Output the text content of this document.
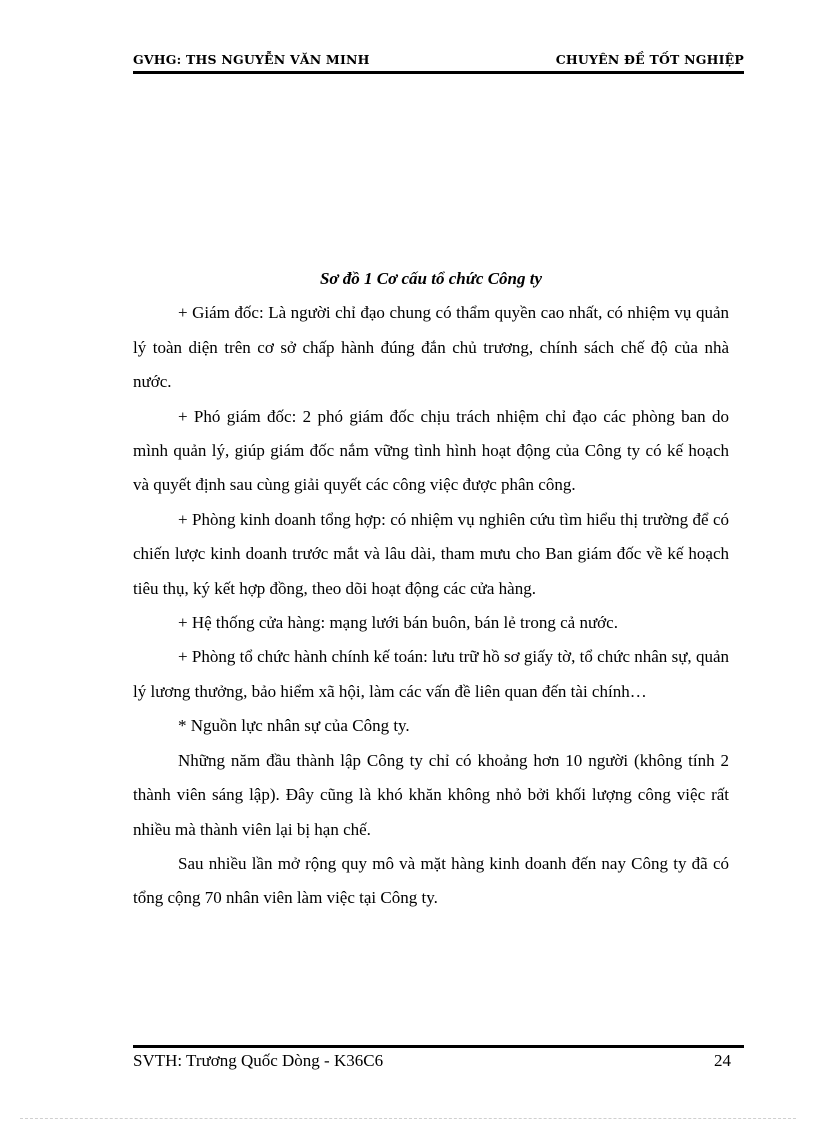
GVHG: THS NGUYỄN VĂN MINH	CHUYÊN ĐỀ TỐT NGHIỆP

Sơ đồ 1 Cơ cấu tổ chức Công ty

+ Giám đốc: Là người chỉ đạo chung có thẩm quyền cao nhất, có nhiệm vụ quản lý toàn diện trên cơ sở chấp hành đúng đắn chủ trương, chính sách chế độ của nhà nước.

+ Phó giám đốc: 2 phó giám đốc chịu trách nhiệm chỉ đạo các phòng ban do mình quản lý, giúp giám đốc nắm vững tình hình hoạt động của Công ty có kế hoạch và quyết định sau cùng giải quyết các công việc được phân công.

+ Phòng kinh doanh tổng hợp: có nhiệm vụ nghiên cứu tìm hiểu thị trường để có chiến lược kinh doanh trước mắt và lâu dài, tham mưu cho Ban giám đốc về kế hoạch tiêu thụ, ký kết hợp đồng, theo dõi hoạt động các cửa hàng.

+ Hệ thống cửa hàng: mạng lưới bán buôn, bán lẻ trong cả nước.

+ Phòng tổ chức hành chính kế toán: lưu trữ hồ sơ giấy tờ, tổ chức nhân sự, quản lý lương thưởng, bảo hiểm xã hội, làm các vấn đề liên quan đến tài chính…

* Nguồn lực nhân sự của Công ty.

Những năm đầu thành lập Công ty chỉ có khoảng hơn 10 người (không tính 2 thành viên sáng lập). Đây cũng là khó khăn không nhỏ bởi khối lượng công việc rất nhiều mà thành viên lại bị hạn chế.

Sau nhiều lần mở rộng quy mô và mặt hàng kinh doanh đến nay Công ty đã có tổng cộng 70 nhân viên làm việc tại Công ty.

SVTH: Trương Quốc Dòng - K36C6	24
